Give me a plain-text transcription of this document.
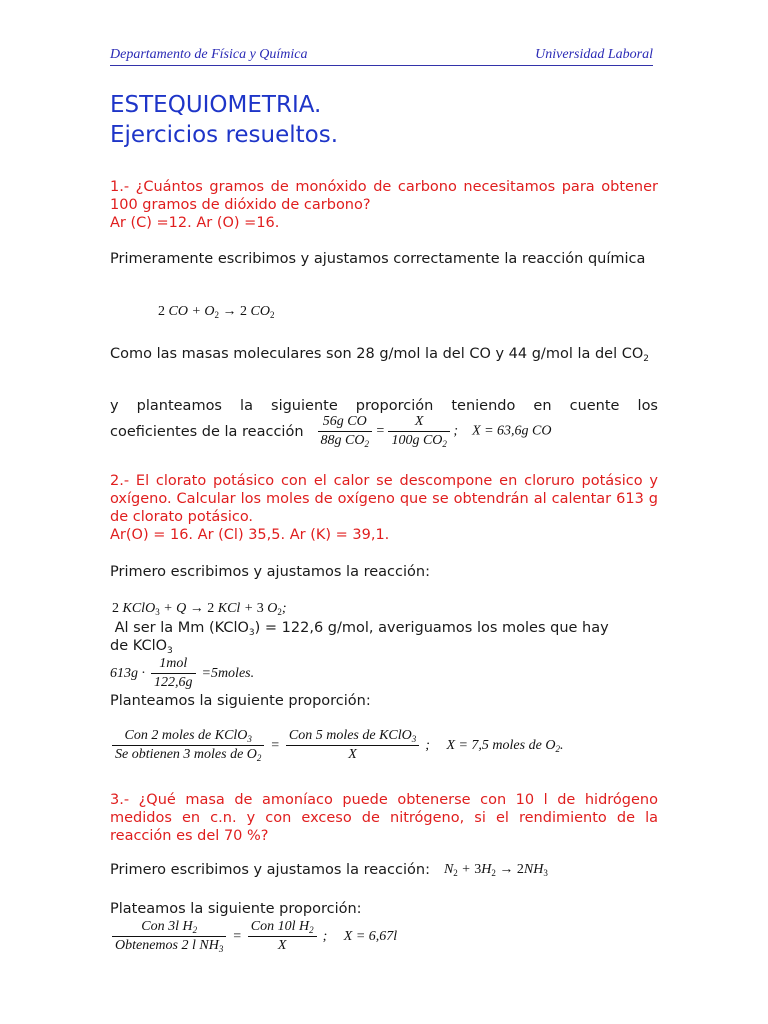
Departamento de Física y Química	Universidad Laboral
ESTEQUIOMETRIA.
Ejercicios resueltos.
1.- ¿Cuántos gramos de monóxido de carbono necesitamos para obtener 100 gramos de dióxido de carbono?
Ar (C) =12. Ar (O) =16.
Primeramente escribimos y ajustamos correctamente la reacción química
2 CO + $O_2 \to 2$ $CO_2$
Como las masas moleculares son 28 g/mol la del CO y 44 g/mol la del $CO_2$
y planteamos la siguiente proporción teniendo en cuente los
coeficientes de la reacción $\frac{\text{56g CO}}{88g CO_2} = \frac{X}{100g CO_2}$ ;    X = 63,6g CO
2.- El clorato potásico con el calor se descompone en cloruro potásico y oxígeno. Calcular los moles de oxígeno que se obtendrán al calentar 613 g de clorato potásico.
Ar(O) = 16. Ar (Cl) 35,5. Ar (K) = 39,1.
Primero escribimos y ajustamos la reacción:
2 KClO$_3$ + Q → 2 KCl + 3 $O_2$;
Al ser la Mm (KClO$_3$) = 122,6 g/mol, averiguamos los moles que hay
de KClO$_3$
$613g \cdot \frac{\text{1mol}}{122,6g}$ =5moles.
Planteamos la siguiente proporción:
$\frac{Con 2 moles de KClO_3}{Se obtienen 3 moles de O_2} = \frac{Con 5 moles de KClO_3}{X}$ ; X = 7,5 moles de $O_2$.
3.- ¿Qué masa de amoníaco puede obtenerse con 10 l de hidrógeno medidos en c.n. y con exceso de nitrógeno, si el rendimiento de la reacción es del 70 %?
Primero escribimos y ajustamos la reacción: $N_2 + 3H_2 \to 2NH_3$
Plateamos la siguiente proporción:
$\frac{Con 3l H_2}{Obtenemos 2 l NH_3} = \frac{Con 10l H_2}{X}$ ; X = 6,67l
